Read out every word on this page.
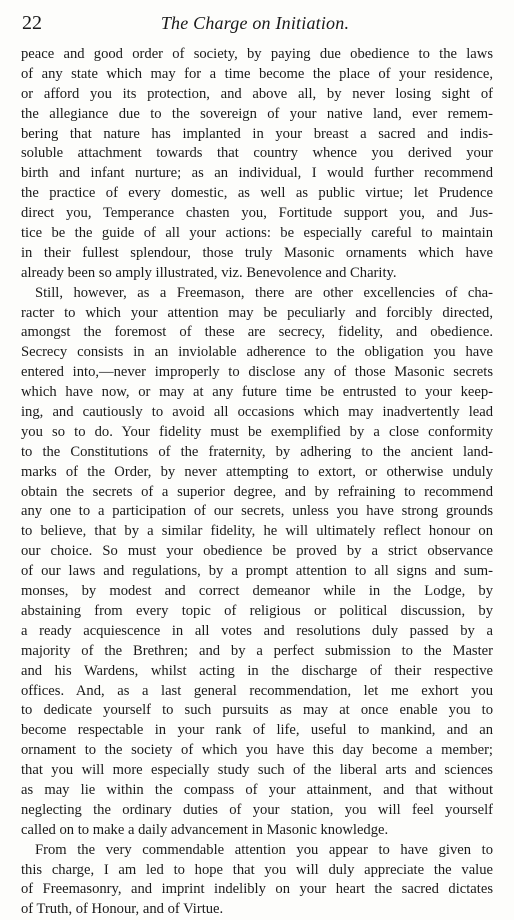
22	The Charge on Initiation.
peace and good order of society, by paying due obedience to the laws
of any state which may for a time become the place of your residence,
or afford you its protection, and above all, by never losing sight of
the allegiance due to the sovereign of your native land, ever remem-
bering that nature has implanted in your breast a sacred and indis-
soluble attachment towards that country whence you derived your
birth and infant nurture; as an individual, I would further recommend
the practice of every domestic, as well as public virtue; let Prudence
direct you, Temperance chasten you, Fortitude support you, and Jus-
tice be the guide of all your actions: be especially careful to maintain
in their fullest splendour, those truly Masonic ornaments which have
already been so amply illustrated, viz. Benevolence and Charity.
Still, however, as a Freemason, there are other excellencies of cha-
racter to which your attention may be peculiarly and forcibly directed,
amongst the foremost of these are secrecy, fidelity, and obedience.
Secrecy consists in an inviolable adherence to the obligation you have
entered into,—never improperly to disclose any of those Masonic secrets
which have now, or may at any future time be entrusted to your keep-
ing, and cautiously to avoid all occasions which may inadvertently lead
you so to do. Your fidelity must be exemplified by a close conformity
to the Constitutions of the fraternity, by adhering to the ancient land-
marks of the Order, by never attempting to extort, or otherwise unduly
obtain the secrets of a superior degree, and by refraining to recommend
any one to a participation of our secrets, unless you have strong grounds
to believe, that by a similar fidelity, he will ultimately reflect honour on
our choice. So must your obedience be proved by a strict observance
of our laws and regulations, by a prompt attention to all signs and sum-
monses, by modest and correct demeanor while in the Lodge, by
abstaining from every topic of religious or political discussion, by
a ready acquiescence in all votes and resolutions duly passed by a
majority of the Brethren; and by a perfect submission to the Master
and his Wardens, whilst acting in the discharge of their respective
offices. And, as a last general recommendation, let me exhort you
to dedicate yourself to such pursuits as may at once enable you to
become respectable in your rank of life, useful to mankind, and an
ornament to the society of which you have this day become a member;
that you will more especially study such of the liberal arts and sciences
as may lie within the compass of your attainment, and that without
neglecting the ordinary duties of your station, you will feel yourself
called on to make a daily advancement in Masonic knowledge.
From the very commendable attention you appear to have given to
this charge, I am led to hope that you will duly appreciate the value
of Freemasonry, and imprint indelibly on your heart the sacred dictates
of Truth, of Honour, and of Virtue.
